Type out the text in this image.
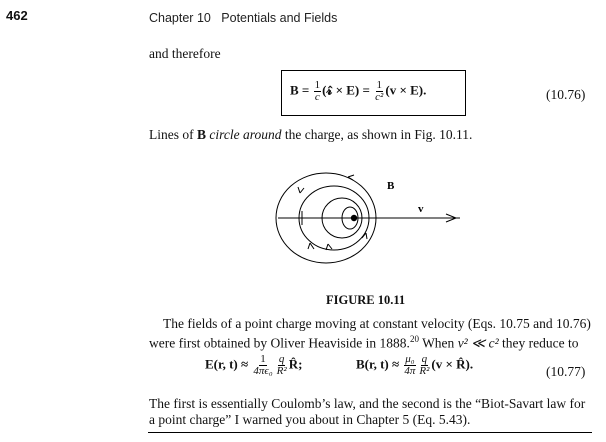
462	Chapter 10 Potentials and Fields
and therefore
$B = \frac{1}{c}$ (𝓻̂ × $E) = \frac{1}{\text{c²}} (v \times E)$.	(10.76)
Lines of B circle around the charge, as shown in Fig. 10.11.
B
v
FIGURE 10.11
The fields of a point charge moving at constant velocity (Eqs. 10.75 and 10.76)
were first obtained by Oliver Heaviside in 1888.20 When v² ≪ c² they reduce to
E(r, $t) \approx \frac{1}{\text{4πϵ₀}} \frac{q}{\text{R²}}$ R̂;	B(r, $t) \approx \frac{\text{μ₀}}{4\pi} \frac{q}{\text{R²}} (v$ × R̂).
(10.77)
The first is essentially Coulomb’s law, and the second is the “Biot-Savart law for
a point charge” I warned you about in Chapter 5 (Eq. 5.43).
